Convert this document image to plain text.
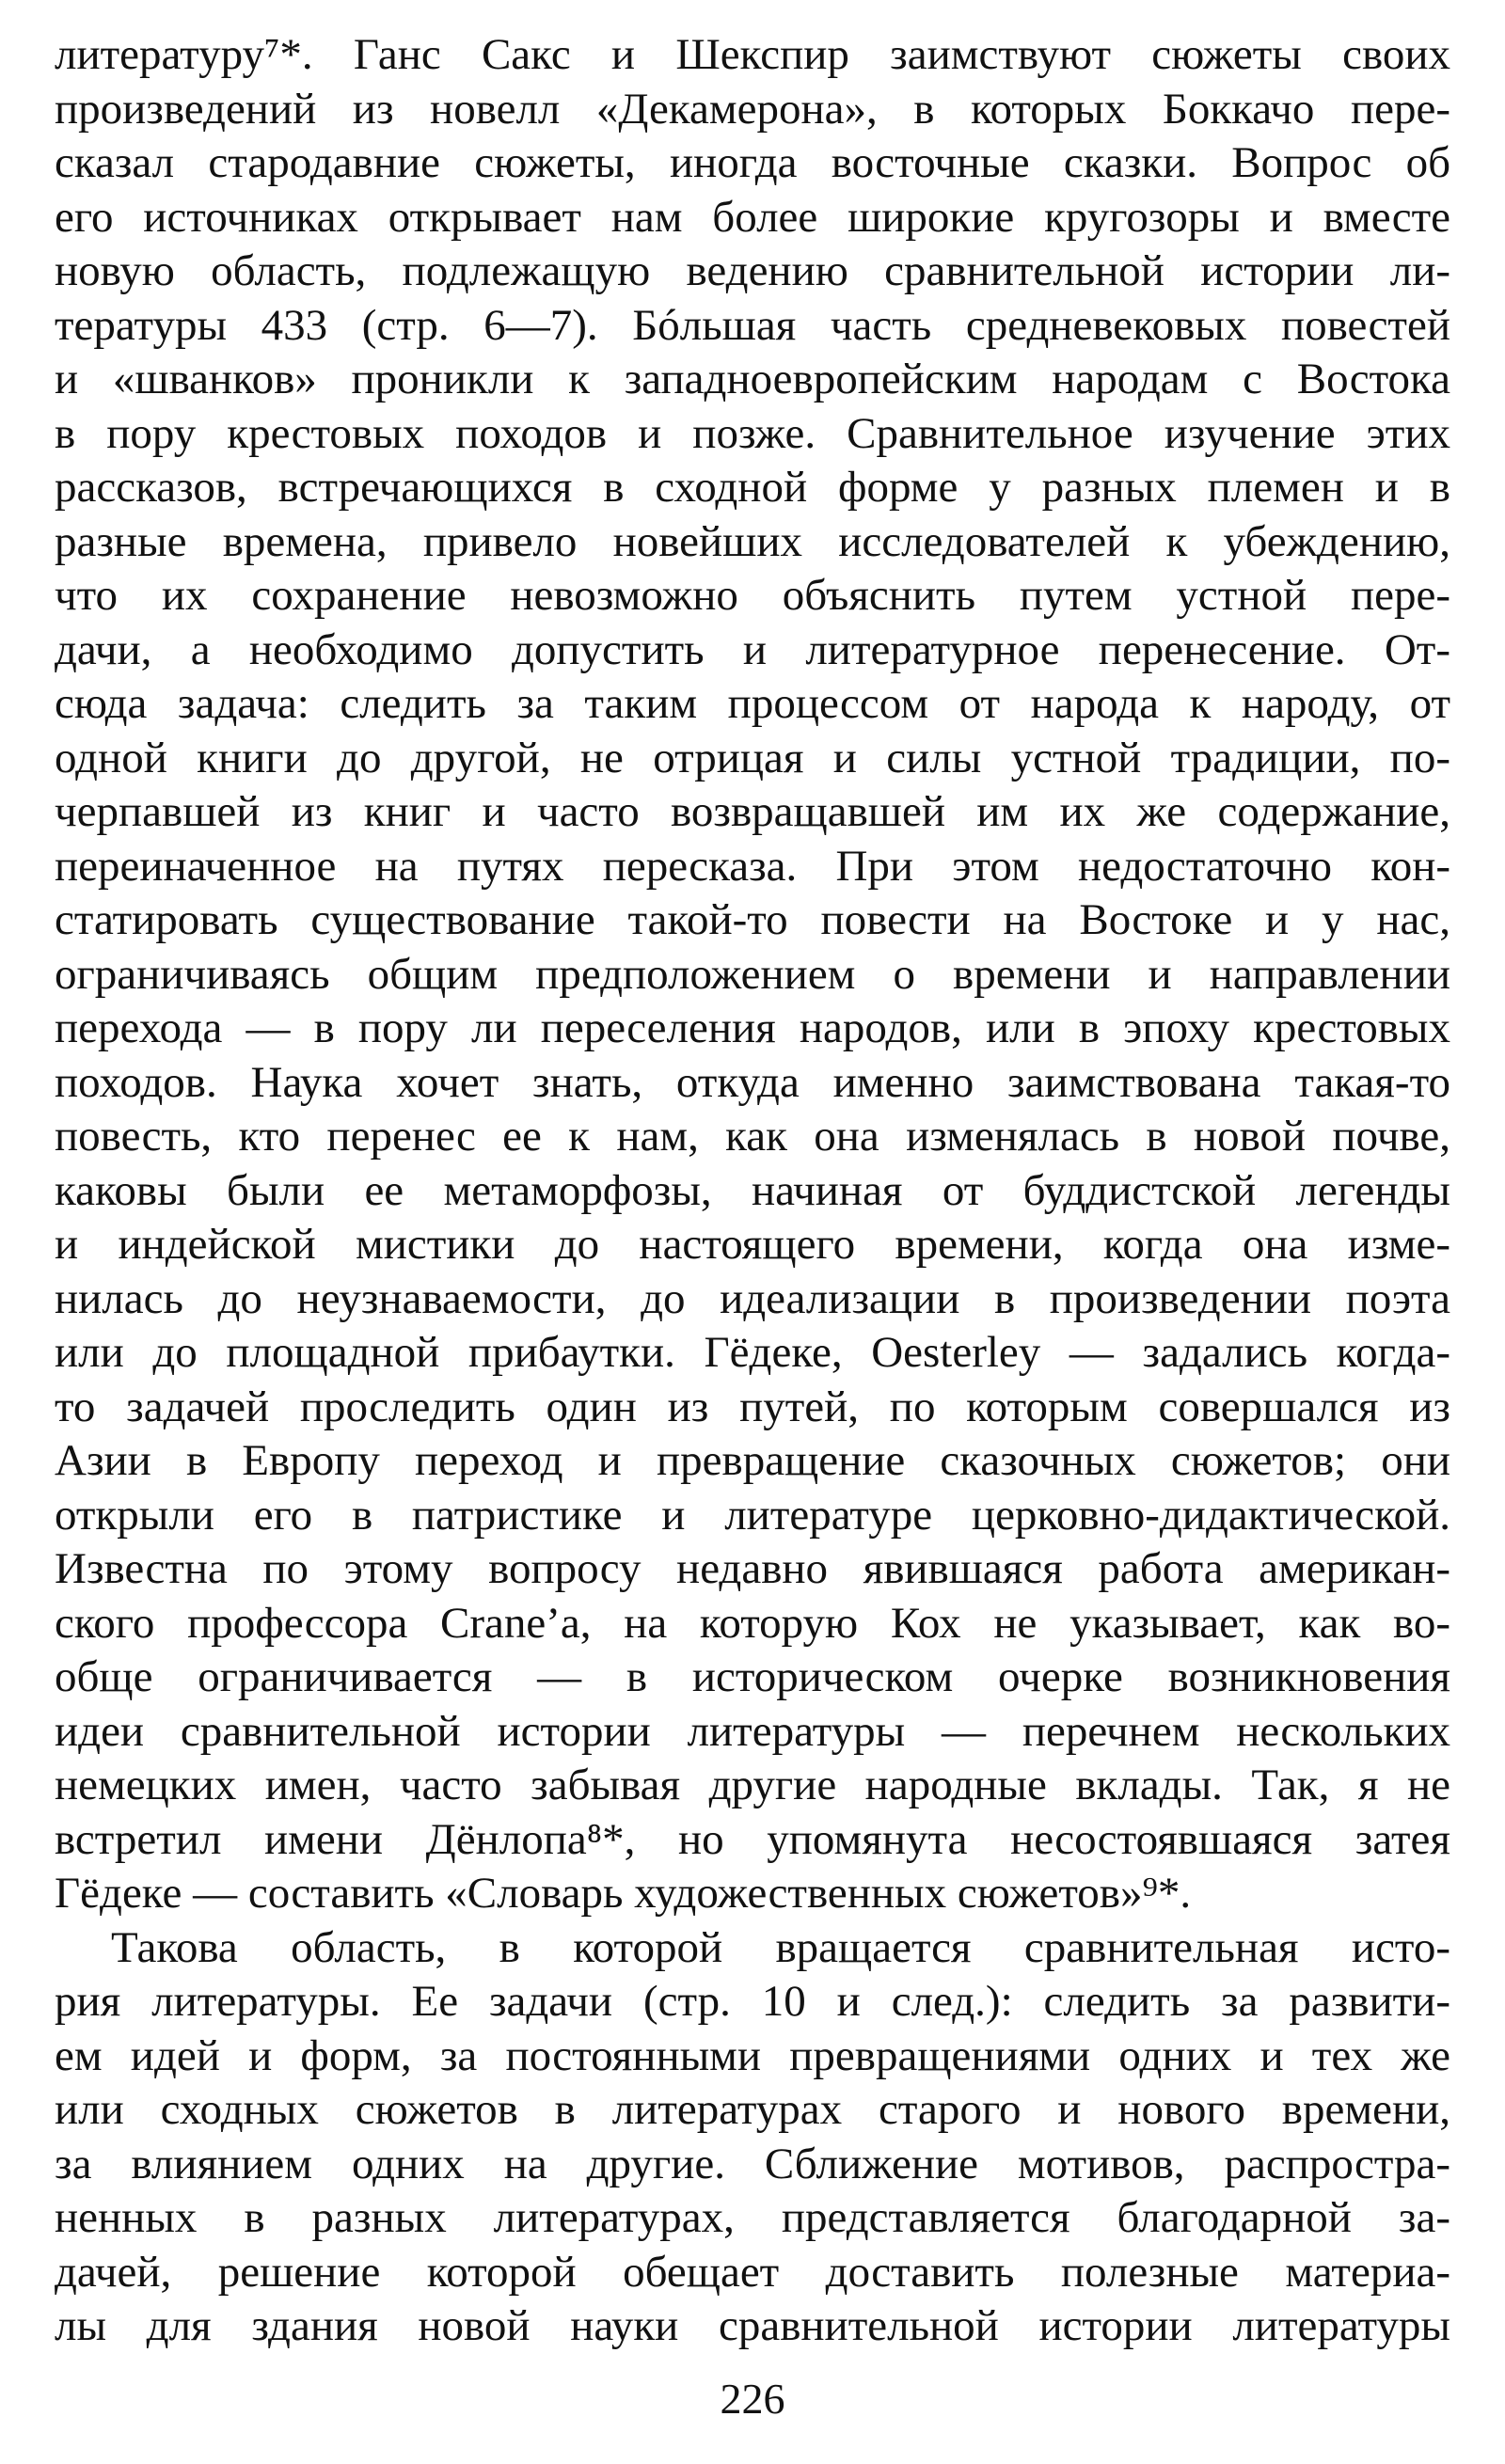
литературу⁷*. Ганс Сакс и Шекспир заимствуют сюжеты своих
произведений из новелл «Декамерона», в которых Боккачо пере-
сказал стародавние сюжеты, иногда восточные сказки. Вопрос об
его источниках открывает нам более широкие кругозоры и вместе
новую область, подлежащую ведению сравнительной истории ли-
тературы 433 (стр. 6—7). Бóльшая часть средневековых повестей
и «шванков» проникли к западноевропейским народам с Востока
в пору крестовых походов и позже. Сравнительное изучение этих
рассказов, встречающихся в сходной форме у разных племен и в
разные времена, привело новейших исследователей к убеждению,
что их сохранение невозможно объяснить путем устной пере-
дачи, а необходимо допустить и литературное перенесение. От-
сюда задача: следить за таким процессом от народа к народу, от
одной книги до другой, не отрицая и силы устной традиции, по-
черпавшей из книг и часто возвращавшей им их же содержание,
переиначенное на путях пересказа. При этом недостаточно кон-
статировать существование такой-то повести на Востоке и у нас,
ограничиваясь общим предположением о времени и направлении
перехода — в пору ли переселения народов, или в эпоху крестовых
походов. Наука хочет знать, откуда именно заимствована такая-то
повесть, кто перенес ее к нам, как она изменялась в новой почве,
каковы были ее метаморфозы, начиная от буддистской легенды
и индейской мистики до настоящего времени, когда она изме-
нилась до неузнаваемости, до идеализации в произведении поэта
или до площадной прибаутки. Гёдеке, Oesterley — задались когда-
то задачей проследить один из путей, по которым совершался из
Азии в Европу переход и превращение сказочных сюжетов; они
открыли его в патристике и литературе церковно-дидактической.
Известна по этому вопросу недавно явившаяся работа американ-
ского профессора Crane’a, на которую Кох не указывает, как во-
обще ограничивается — в историческом очерке возникновения
идеи сравнительной истории литературы — перечнем нескольких
немецких имен, часто забывая другие народные вклады. Так, я не
встретил имени Дёнлопа⁸*, но упомянута несостоявшаяся затея
Гёдеке — составить «Словарь художественных сюжетов»⁹*.
Такова область, в которой вращается сравнительная исто-
рия литературы. Ее задачи (стр. 10 и след.): следить за развити-
ем идей и форм, за постоянными превращениями одних и тех же
или сходных сюжетов в литературах старого и нового времени,
за влиянием одних на другие. Сближение мотивов, распростра-
ненных в разных литературах, представляется благодарной за-
дачей, решение которой обещает доставить полезные материа-
лы для здания новой науки сравнительной истории литературы
226
